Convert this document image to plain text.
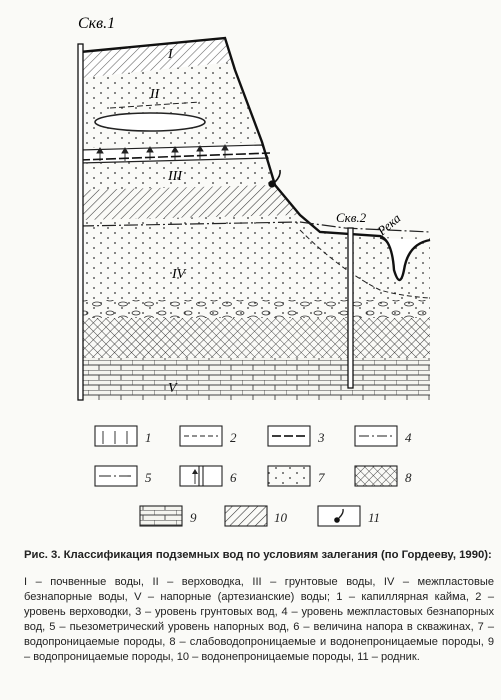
Скв.1
Скв.2 Река
I
II
III
IV
V
1	2	3	4
5	6	7	8
9	10	11
Рис. 3. Классификация подземных вод по условиям залегания (по Гордееву, 1990):
I – почвенные воды, II – верховодка, III – грунтовые воды, IV – межпластовые безнапорные воды, V – напорные (артезианские) воды; 1 – капиллярная кайма, 2 – уровень верховодки, 3 – уровень грунтовых вод, 4 – уровень межпластовых безнапорных вод, 5 – пьезометрический уровень напорных вод, 6 – величина напора в скважинах, 7 – водопроницаемые породы, 8 – слабоводопроницаемые и водонепроницаемые породы, 9 – водопроницаемые породы, 10 – водонепроницаемые породы, 11 – родник.
